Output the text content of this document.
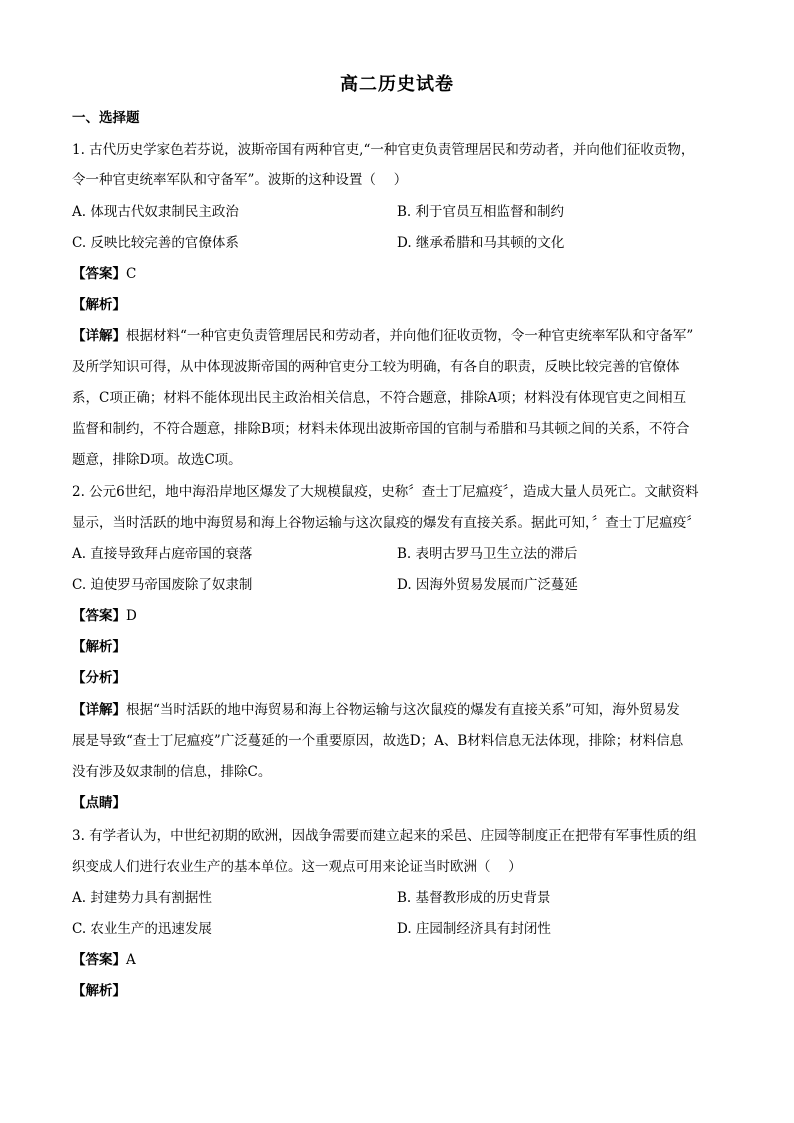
高二历史试卷
一、选择题
1. 古代历史学家色若芬说，波斯帝国有两种官吏,“一种官吏负责管理居民和劳动者，并向他们征收贡物，
令一种官吏统率军队和守备军”。波斯的这种设置（　 ）
A. 体现古代奴隶制民主政治	B. 利于官员互相监督和制约
C. 反映比较完善的官僚体系	D. 继承希腊和马其顿的文化
【答案】C
【解析】
【详解】根据材料“一种官吏负责管理居民和劳动者，并向他们征收贡物，令一种官吏统率军队和守备军”
及所学知识可得，从中体现波斯帝国的两种官吏分工较为明确，有各自的职责，反映比较完善的官僚体
系，C项正确；材料不能体现出民主政治相关信息，不符合题意，排除A项；材料没有体现官吏之间相互
监督和制约，不符合题意，排除B项；材料未体现出波斯帝国的官制与希腊和马其顿之间的关系，不符合
题意，排除D项。故选C项。
2. 公元6世纪，地中海沿岸地区爆发了大规模鼠疫，史称〞查士丁尼瘟疫〞，造成大量人员死亡。文献资料
显示，当时活跃的地中海贸易和海上谷物运输与这次鼠疫的爆发有直接关系。据此可知，〞查士丁尼瘟疫〞
A. 直接导致拜占庭帝国的衰落	B. 表明古罗马卫生立法的滞后
C. 迫使罗马帝国废除了奴隶制	D. 因海外贸易发展而广泛蔓延
【答案】D
【解析】
【分析】
【详解】根据“当时活跃的地中海贸易和海上谷物运输与这次鼠疫的爆发有直接关系”可知，海外贸易发
展是导致“查士丁尼瘟疫”广泛蔓延的一个重要原因，故选D；A、B材料信息无法体现，排除；材料信息
没有涉及奴隶制的信息，排除C。
【点睛】
3. 有学者认为，中世纪初期的欧洲，因战争需要而建立起来的采邑、庄园等制度正在把带有军事性质的组
织变成人们进行农业生产的基本单位。这一观点可用来论证当时欧洲（　 ）
A. 封建势力具有割据性	B. 基督教形成的历史背景
C. 农业生产的迅速发展	D. 庄园制经济具有封闭性
【答案】A
【解析】
